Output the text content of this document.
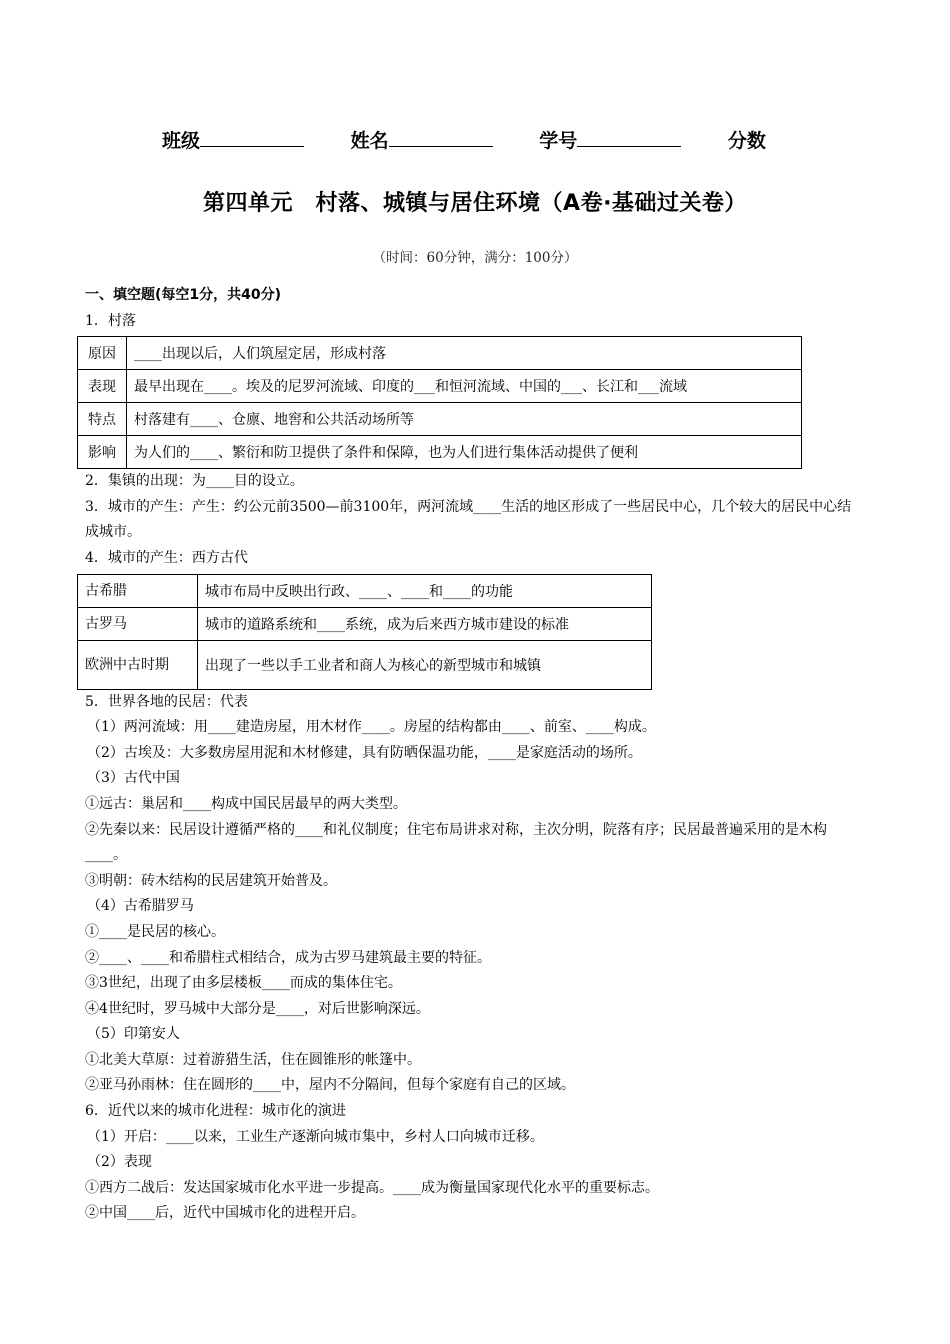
班级	姓名	学号	分数
第四单元　村落、城镇与居住环境（A卷·基础过关卷）
（时间：60分钟，满分：100分）
一、填空题(每空1分，共40分)
1．村落
原因	____出现以后，人们筑屋定居，形成村落
表现	最早出现在____。埃及的尼罗河流域、印度的___和恒河流域、中国的___、长江和___流域
特点	村落建有____、仓廪、地窖和公共活动场所等
影响	为人们的____、繁衍和防卫提供了条件和保障，也为人们进行集体活动提供了便利
2．集镇的出现：为____目的设立。
3．城市的产生：产生：约公元前3500—前3100年，两河流域____生活的地区形成了一些居民中心，几个较大的居民中心结成城市。
4．城市的产生：西方古代
古希腊	城市布局中反映出行政、____、____和____的功能
古罗马	城市的道路系统和____系统，成为后来西方城市建设的标准
欧洲中古时期	出现了一些以手工业者和商人为核心的新型城市和城镇
5．世界各地的民居：代表
（1）两河流域：用____建造房屋，用木材作____。房屋的结构都由____、前室、____构成。
（2）古埃及：大多数房屋用泥和木材修建，具有防晒保温功能，____是家庭活动的场所。
（3）古代中国
①远古：巢居和____构成中国民居最早的两大类型。
②先秦以来：民居设计遵循严格的____和礼仪制度；住宅布局讲求对称，主次分明，院落有序；民居最普遍采用的是木构____。
③明朝：砖木结构的民居建筑开始普及。
（4）古希腊罗马
①____是民居的核心。
②____、____和希腊柱式相结合，成为古罗马建筑最主要的特征。
③3世纪，出现了由多层楼板____而成的集体住宅。
④4世纪时，罗马城中大部分是____，对后世影响深远。
（5）印第安人
①北美大草原：过着游猎生活，住在圆锥形的帐篷中。
②亚马孙雨林：住在圆形的____中，屋内不分隔间，但每个家庭有自己的区域。
6．近代以来的城市化进程：城市化的演进
（1）开启：____以来，工业生产逐渐向城市集中，乡村人口向城市迁移。
（2）表现
①西方二战后：发达国家城市化水平进一步提高。____成为衡量国家现代化水平的重要标志。
②中国____后，近代中国城市化的进程开启。
